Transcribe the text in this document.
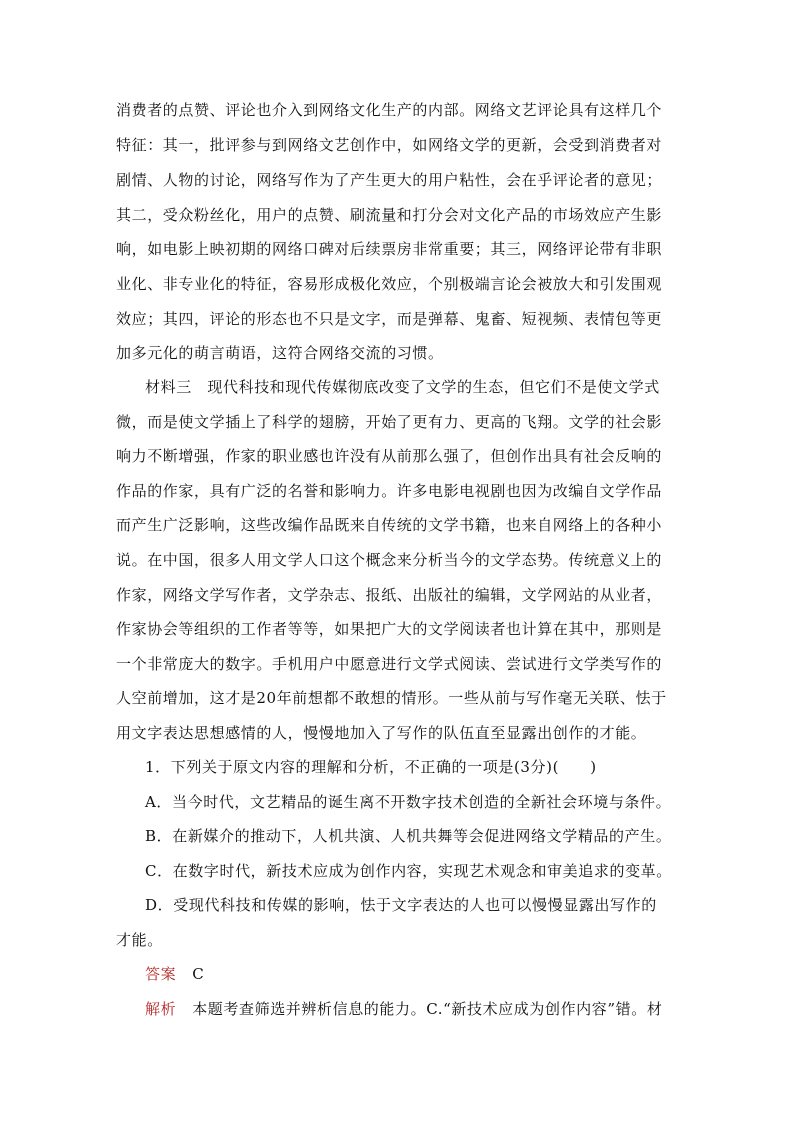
消费者的点赞、评论也介入到网络文化生产的内部。网络文艺评论具有这样几个
特征：其一，批评参与到网络文艺创作中，如网络文学的更新，会受到消费者对
剧情、人物的讨论，网络写作为了产生更大的用户粘性，会在乎评论者的意见；
其二，受众粉丝化，用户的点赞、刷流量和打分会对文化产品的市场效应产生影
响，如电影上映初期的网络口碑对后续票房非常重要；其三，网络评论带有非职
业化、非专业化的特征，容易形成极化效应，个别极端言论会被放大和引发围观
效应；其四，评论的形态也不只是文字，而是弹幕、鬼畜、短视频、表情包等更
加多元化的萌言萌语，这符合网络交流的习惯。
材料三　现代科技和现代传媒彻底改变了文学的生态，但它们不是使文学式
微，而是使文学插上了科学的翅膀，开始了更有力、更高的飞翔。文学的社会影
响力不断增强，作家的职业感也许没有从前那么强了，但创作出具有社会反响的
作品的作家，具有广泛的名誉和影响力。许多电影电视剧也因为改编自文学作品
而产生广泛影响，这些改编作品既来自传统的文学书籍，也来自网络上的各种小
说。在中国，很多人用文学人口这个概念来分析当今的文学态势。传统意义上的
作家，网络文学写作者，文学杂志、报纸、出版社的编辑，文学网站的从业者，
作家协会等组织的工作者等等，如果把广大的文学阅读者也计算在其中，那则是
一个非常庞大的数字。手机用户中愿意进行文学式阅读、尝试进行文学类写作的
人空前增加，这才是20年前想都不敢想的情形。一些从前与写作毫无关联、怯于
用文字表达思想感情的人，慢慢地加入了写作的队伍直至显露出创作的才能。
1．下列关于原文内容的理解和分析，不正确的一项是(3分)(　　)
A．当今时代，文艺精品的诞生离不开数字技术创造的全新社会环境与条件。
B．在新媒介的推动下，人机共演、人机共舞等会促进网络文学精品的产生。
C．在数字时代，新技术应成为创作内容，实现艺术观念和审美追求的变革。
D．受现代科技和传媒的影响，怯于文字表达的人也可以慢慢显露出写作的
才能。
答案 C
解析 本题考查筛选并辨析信息的能力。C.“新技术应成为创作内容”错。材
